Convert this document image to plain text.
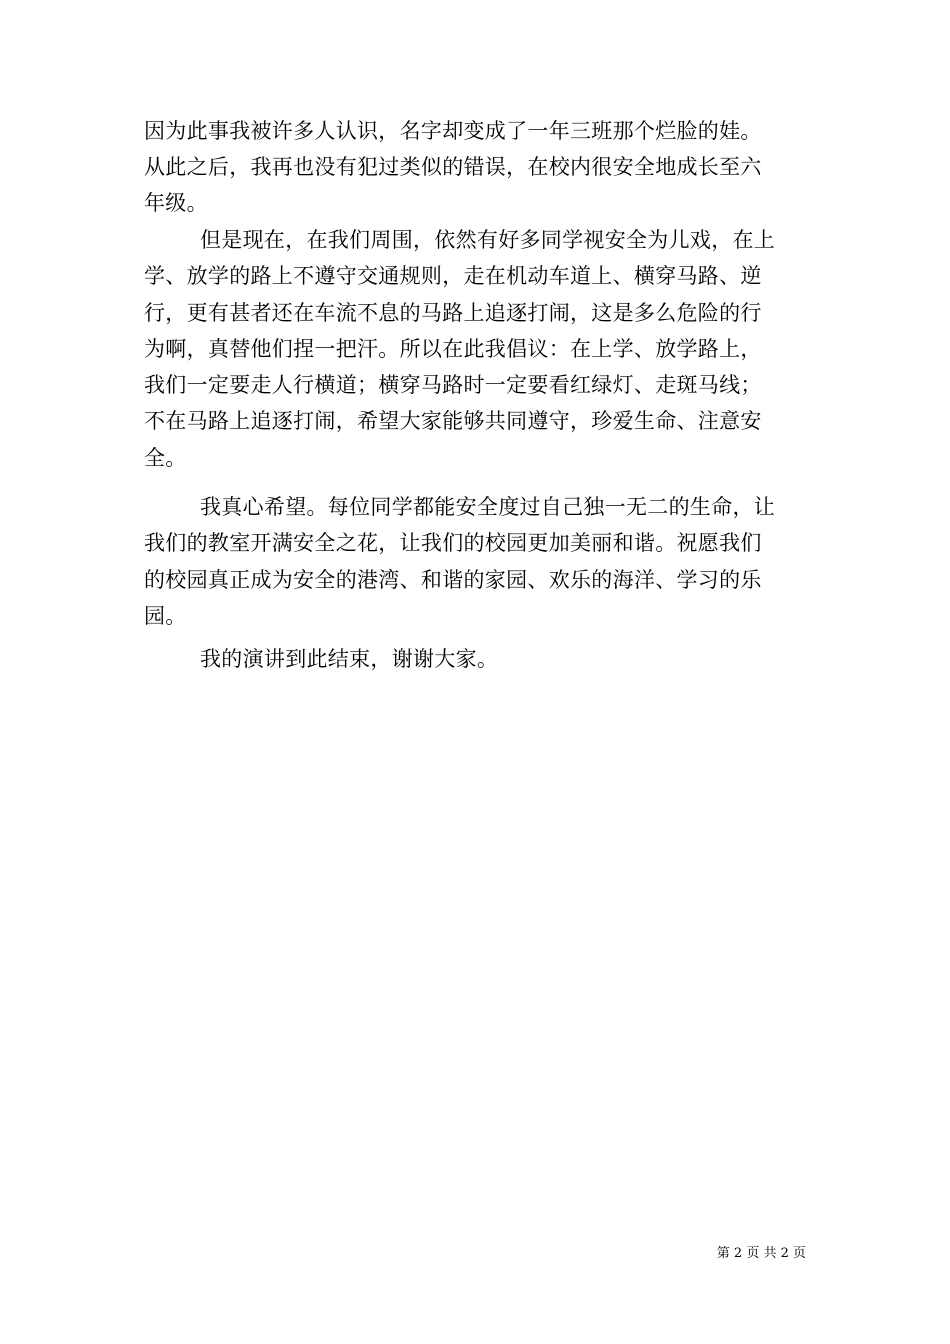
因为此事我被许多人认识，名字却变成了一年三班那个烂脸的娃。
从此之后，我再也没有犯过类似的错误，在校内很安全地成长至六
年级。
但是现在，在我们周围，依然有好多同学视安全为儿戏，在上
学、放学的路上不遵守交通规则，走在机动车道上、横穿马路、逆
行，更有甚者还在车流不息的马路上追逐打闹，这是多么危险的行
为啊，真替他们捏一把汗。所以在此我倡议：在上学、放学路上，
我们一定要走人行横道；横穿马路时一定要看红绿灯、走斑马线；
不在马路上追逐打闹，希望大家能够共同遵守，珍爱生命、注意安
全。
我真心希望。每位同学都能安全度过自己独一无二的生命，让
我们的教室开满安全之花，让我们的校园更加美丽和谐。祝愿我们
的校园真正成为安全的港湾、和谐的家园、欢乐的海洋、学习的乐
园。
我的演讲到此结束，谢谢大家。
第 2 页 共 2 页
